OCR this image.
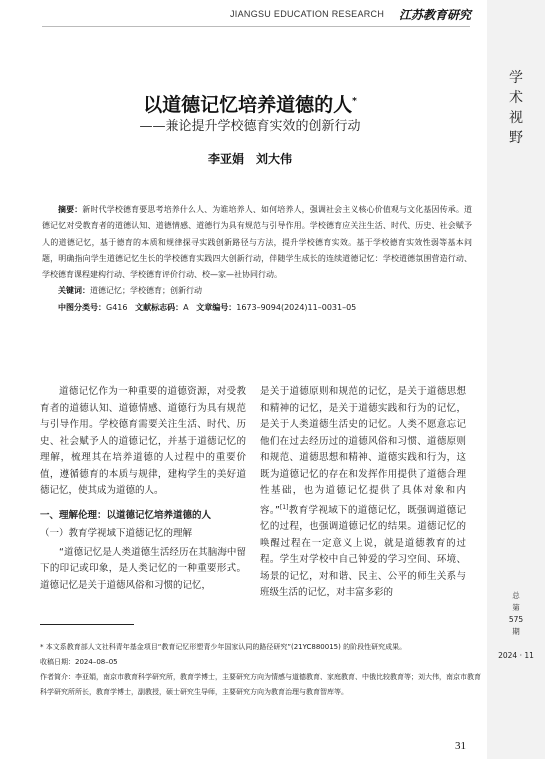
JIANGSU EDUCATION RESEARCH 江苏教育研究
学
术
视
野
总
第
575
期
2024 · 11
以道德记忆培养道德的人*
——兼论提升学校德育实效的创新行动
李亚娟　刘大伟
摘要：新时代学校德育要思考培养什么人、为谁培养人、如何培养人，强调社会主义核心价值观与文化基因传承。道德记忆对受教育者的道德认知、道德情感、道德行为具有规范与引导作用。学校德育应关注生活、时代、历史、社会赋予人的道德记忆，基于德育的本质和规律探寻实践创新路径与方法，提升学校德育实效。基于学校德育实效性弱等基本问题，明确指向学生道德记忆生长的学校德育实践四大创新行动，伴随学生成长的连续道德记忆：学校道德氛围营造行动、学校德育课程建构行动、学校德育评价行动、校—家—社协同行动。
关键词：道德记忆；学校德育；创新行动
中图分类号：G416 文献标志码：A 文章编号：1673–9094(2024)11–0031–05

道德记忆作为一种重要的道德资源，对受教育者的道德认知、道德情感、道德行为具有规范与引导作用。学校德育需要关注生活、时代、历史、社会赋予人的道德记忆，并基于道德记忆的理解，梳理其在培养道德的人过程中的重要价值，遵循德育的本质与规律，建构学生的美好道德记忆，使其成为道德的人。

一、理解伦理：以道德记忆培养道德的人

（一）教育学视域下道德记忆的理解

“道德记忆是人类道德生活经历在其脑海中留下的印记或印象，是人类记忆的一种重要形式。道德记忆是关于道德风俗和习惯的记忆，

是关于道德原则和规范的记忆，是关于道德思想和精神的记忆，是关于道德实践和行为的记忆，是关于人类道德生活史的记忆。人类不愿意忘记他们在过去经历过的道德风俗和习惯、道德原则和规范、道德思想和精神、道德实践和行为，这既为道德记忆的存在和发挥作用提供了道德合理性基础，也为道德记忆提供了具体对象和内容。”[1]教育学视域下的道德记忆，既强调道德记忆的过程，也强调道德记忆的结果。道德记忆的唤醒过程在一定意义上说，就是道德教育的过程。学生对学校中自己钟爱的学习空间、环境、场景的记忆，对和谐、民主、公平的师生关系与班级生活的记忆，对丰富多彩的

* 本文系教育部人文社科青年基金项目“教育记忆形塑青少年国家认同的路径研究”(21YC880015) 的阶段性研究成果。

收稿日期：2024–08–05

作者简介：李亚娟，南京市教育科学研究所，教育学博士，主要研究方向为情感与道德教育、家庭教育、中俄比较教育等；刘大伟，南京市教育科学研究所所长，教育学博士，副教授，硕士研究生导师，主要研究方向为教育治理与教育智库等。

31
